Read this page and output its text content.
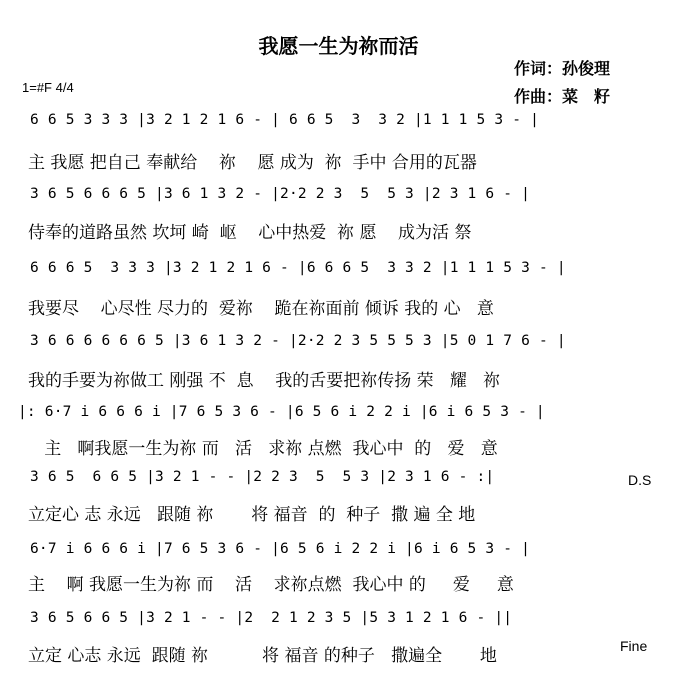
我愿一生为祢而活
作词：孙俊理
作曲：菜　籽
1=#F 4/4
6 6 5 3 3 3 |3 2 1 2 1 6 - | 6 6 5  3  3 2 |1 1 1 5 3 - |
主 我愿 把自己 奉献给    祢    愿 成为  祢  手中 合用的瓦器
3 6 5 6 6 6 5 |3 6 1 3 2 - |2·2 2 3  5  5 3 |2 3 1 6 - |
侍奉的道路虽然 坎坷 崎  岖    心中热爱  祢 愿    成为活 祭
6 6 6 5  3 3 3 |3 2 1 2 1 6 - |6 6 6 5  3 3 2 |1 1 1 5 3 - |
我要尽    心尽性 尽力的  爱祢    跪在祢面前 倾诉 我的 心   意
3 6 6 6 6 6 6 5 |3 6 1 3 2 - |2·2 2 3 5 5 5 3 |5 0 1 7 6 - |
我的手要为祢做工 刚强 不  息    我的舌要把祢传扬 荣   耀   祢
|: 6·7 i 6 6 6 i |7 6 5 3 6 - |6 5 6 i 2 2 i |6 i 6 5 3 - |
主   啊我愿一生为祢 而   活   求祢 点燃  我心中  的   爱   意
3 6 5  6 6 5 |3 2 1 - - |2 2 3  5  5 3 |2 3 1 6 - :|	D.S
立定心 志 永远   跟随 祢       将 福音  的  种子  撒 遍 全 地
6·7 i 6 6 6 i |7 6 5 3 6 - |6 5 6 i 2 2 i |6 i 6 5 3 - |
主    啊 我愿一生为祢 而    活    求祢点燃  我心中 的     爱     意
3 6 5 6 6 5 |3 2 1 - - |2  2 1 2 3 5 |5 3 1 2 1 6 - ||
立定 心志 永远  跟随 祢          将 福音 的种子   撒遍全       地	Fine
